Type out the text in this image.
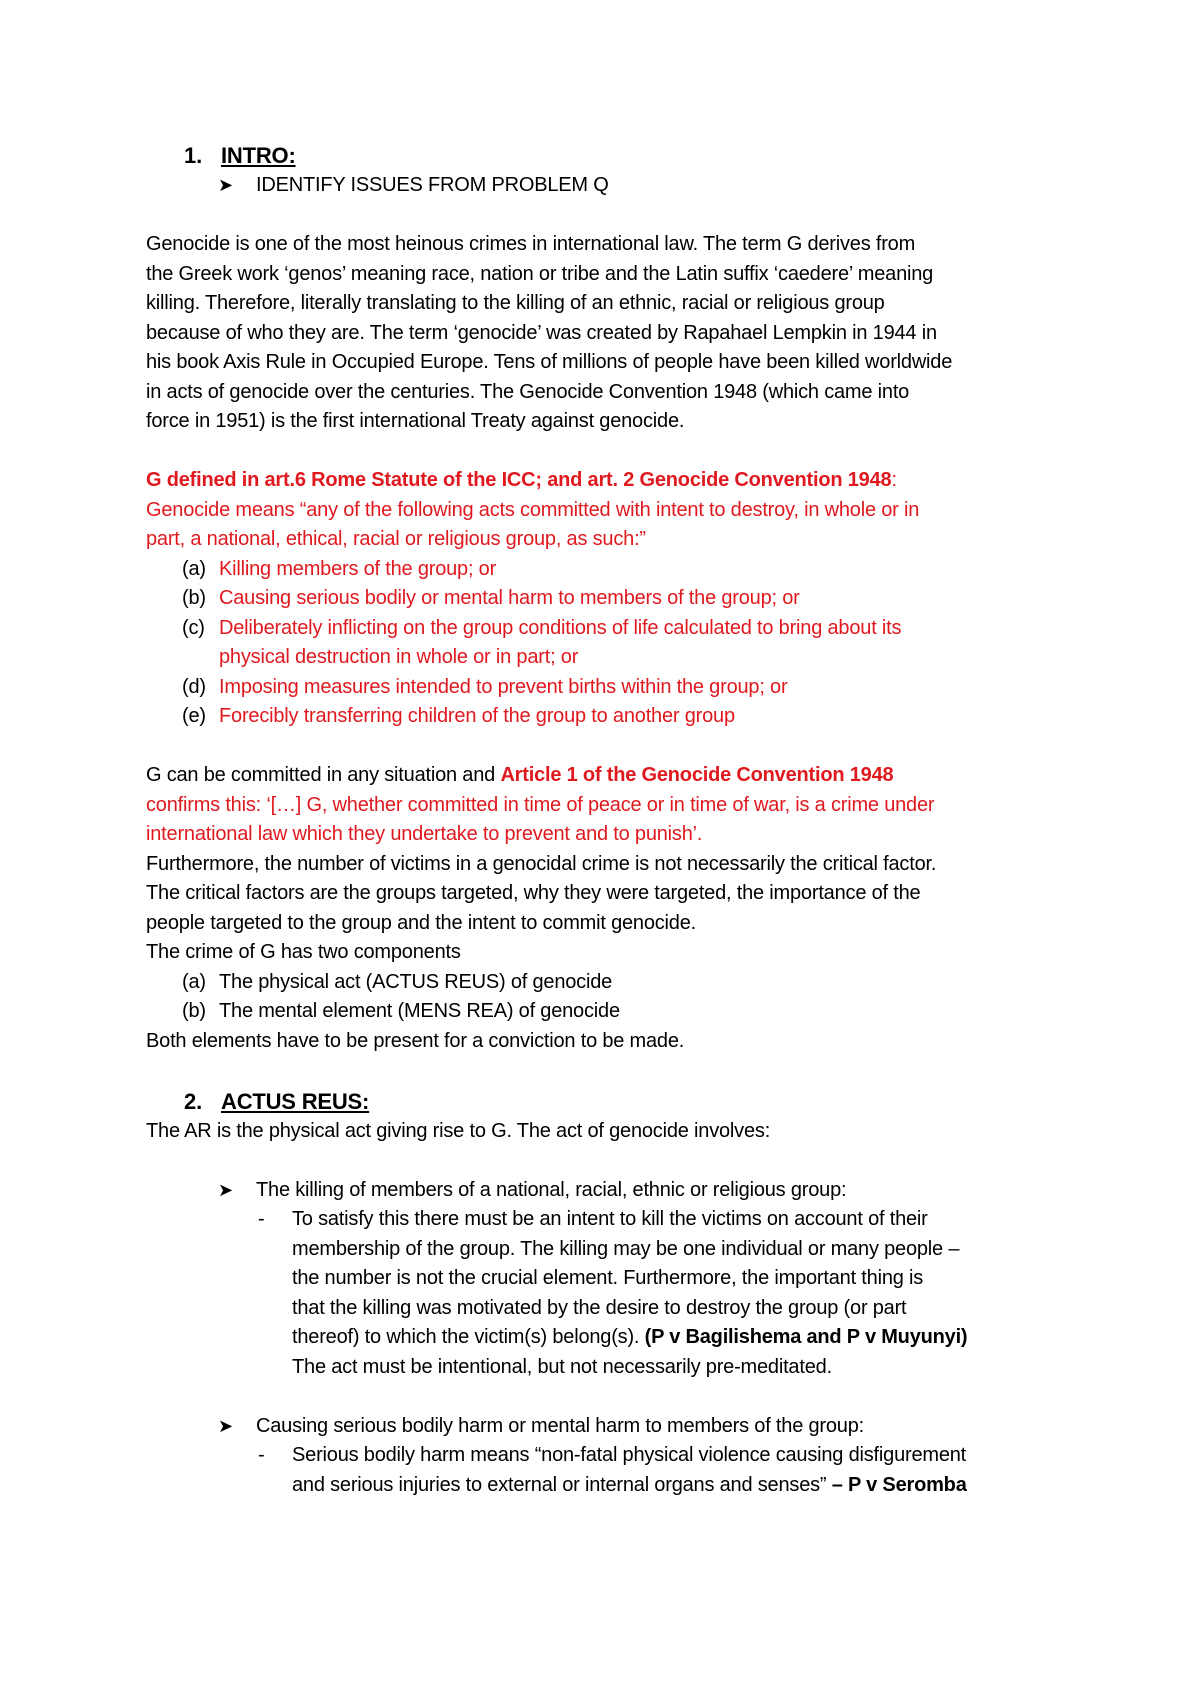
1. INTRO:
➤ IDENTIFY ISSUES FROM PROBLEM Q

Genocide is one of the most heinous crimes in international law. The term G derives from

the Greek work ‘genos’ meaning race, nation or tribe and the Latin suffix ‘caedere’ meaning

killing. Therefore, literally translating to the killing of an ethnic, racial or religious group

because of who they are. The term ‘genocide’ was created by Rapahael Lempkin in 1944 in

his book Axis Rule in Occupied Europe. Tens of millions of people have been killed worldwide

in acts of genocide over the centuries. The Genocide Convention 1948 (which came into

force in 1951) is the first international Treaty against genocide.

G defined in art.6 Rome Statute of the ICC; and art. 2 Genocide Convention 1948:

Genocide means “any of the following acts committed with intent to destroy, in whole or in

part, a national, ethical, racial or religious group, as such:”

(a) Killing members of the group; or
(b) Causing serious bodily or mental harm to members of the group; or
(c) Deliberately inflicting on the group conditions of life calculated to bring about its
physical destruction in whole or in part; or
(d) Imposing measures intended to prevent births within the group; or
(e) Forecibly transferring children of the group to another group

G can be committed in any situation and Article 1 of the Genocide Convention 1948

confirms this: ‘[…] G, whether committed in time of peace or in time of war, is a crime under

international law which they undertake to prevent and to punish’.

Furthermore, the number of victims in a genocidal crime is not necessarily the critical factor.

The critical factors are the groups targeted, why they were targeted, the importance of the

people targeted to the group and the intent to commit genocide.

The crime of G has two components

(a) The physical act (ACTUS REUS) of genocide
(b) The mental element (MENS REA) of genocide

Both elements have to be present for a conviction to be made.

2. ACTUS REUS:

The AR is the physical act giving rise to G. The act of genocide involves:

➤ The killing of members of a national, racial, ethnic or religious group:
- To satisfy this there must be an intent to kill the victims on account of their

membership of the group. The killing may be one individual or many people –

the number is not the crucial element. Furthermore, the important thing is

that the killing was motivated by the desire to destroy the group (or part

thereof) to which the victim(s) belong(s). (P v Bagilishema and P v Muyunyi)

The act must be intentional, but not necessarily pre-meditated.

➤ Causing serious bodily harm or mental harm to members of the group:
- Serious bodily harm means “non-fatal physical violence causing disfigurement

and serious injuries to external or internal organs and senses” – P v Seromba
